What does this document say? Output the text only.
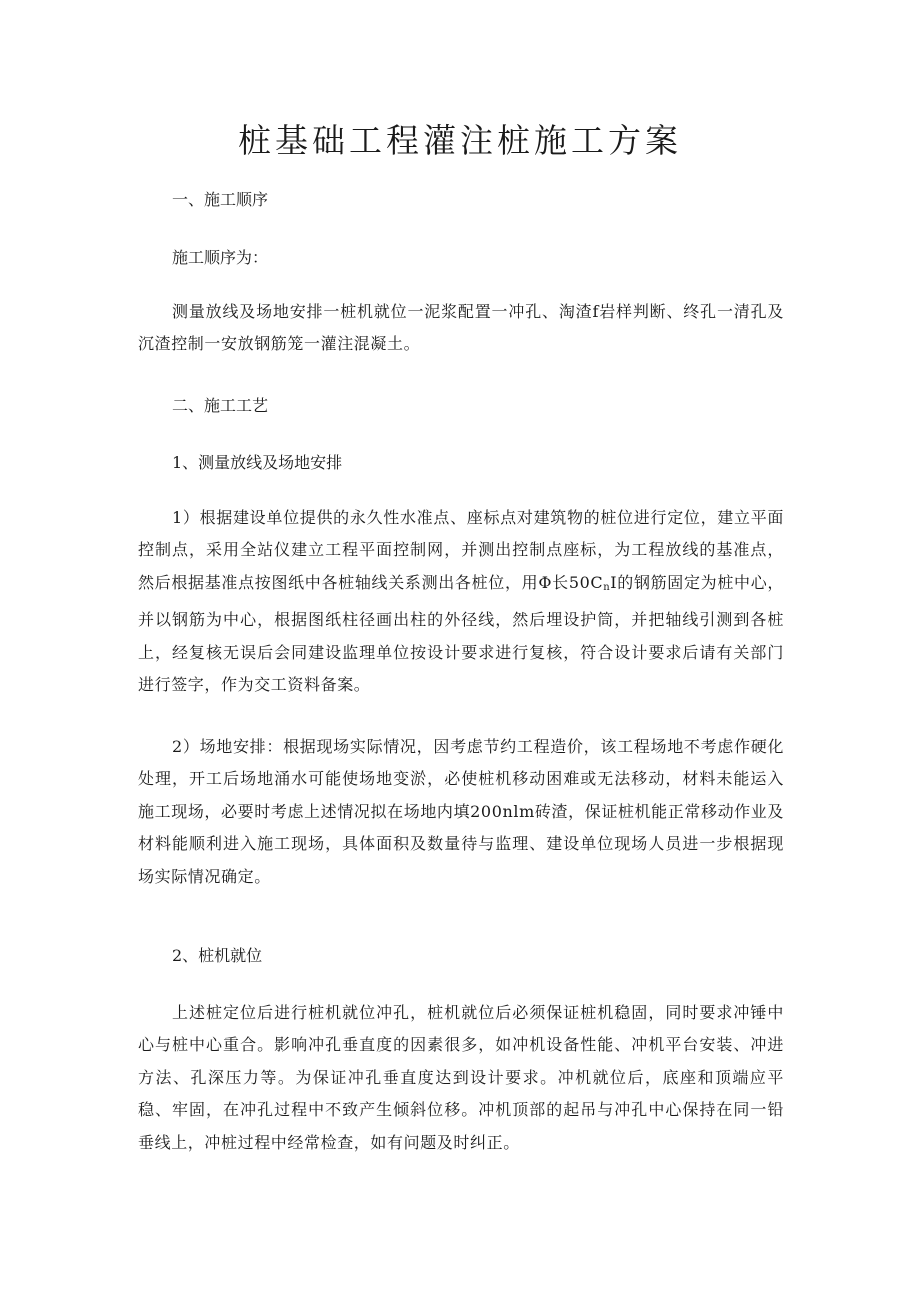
桩基础工程灌注桩施工方案

一、施工顺序

施工顺序为：

测量放线及场地安排一桩机就位一泥浆配置一冲孔、淘渣f岩样判断、终孔一清孔及沉渣控制一安放钢筋笼一灌注混凝土。

二、施工工艺

1、测量放线及场地安排

1）根据建设单位提供的永久性水准点、座标点对建筑物的桩位进行定位，建立平面控制点，采用全站仪建立工程平面控制网，并测出控制点座标，为工程放线的基准点，然后根据基准点按图纸中各桩轴线关系测出各桩位，用Φ长$50C_nI$的钢筋固定为桩中心，并以钢筋为中心，根据图纸柱径画出柱的外径线，然后埋设护筒，并把轴线引测到各桩上，经复核无误后会同建设监理单位按设计要求进行复核，符合设计要求后请有关部门进行签字，作为交工资料备案。

2）场地安排：根据现场实际情况，因考虑节约工程造价，该工程场地不考虑作硬化处理，开工后场地涌水可能使场地变淤，必使桩机移动困难或无法移动，材料未能运入施工现场，必要时考虑上述情况拟在场地内填200nlm砖渣，保证桩机能正常移动作业及材料能顺利进入施工现场，具体面积及数量待与监理、建设单位现场人员进一步根据现场实际情况确定。

2、桩机就位

上述桩定位后进行桩机就位冲孔，桩机就位后必须保证桩机稳固，同时要求冲锤中心与桩中心重合。影响冲孔垂直度的因素很多，如冲机设备性能、冲机平台安装、冲进方法、孔深压力等。为保证冲孔垂直度达到设计要求。冲机就位后，底座和顶端应平稳、牢固，在冲孔过程中不致产生倾斜位移。冲机顶部的起吊与冲孔中心保持在同一铅垂线上，冲桩过程中经常检查，如有问题及时纠正。
